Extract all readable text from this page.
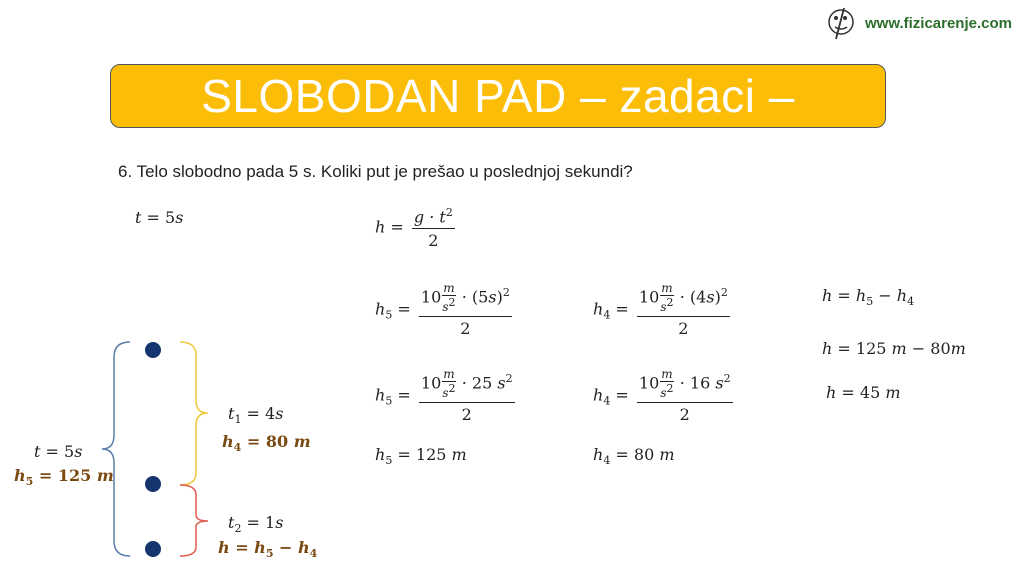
www.fizicarenje.com
SLOBODAN PAD – zadaci –
6. Telo slobodno pada 5 s. Koliki put je prešao u poslednjoj sekundi?
t = 5s
t = 5s
$h_5 = 125$ m
$t_1 = 4s$
$h_4 = 80$ m
$t_2 = 1s$
$h = h_5 - h_4$
$h = \frac{g \cdot t^2}{2}$
$h_5 = \frac{10 \frac{m}{s^2} \cdot (5s)^2}{2}$
$h_5 = \frac{10 \frac{m}{s^2} \cdot 25 s^2}{2}$
$h_5 = 125$ m
$h_4 = \frac{10 \frac{m}{s^2} \cdot (4s)^2}{2}$
$h_4 = \frac{10 \frac{m}{s^2} \cdot 16 s^2}{2}$
$h_4 = 80$ m
$h = h_5 - h_4$
h = 125 m − 80m
h = 45 m
